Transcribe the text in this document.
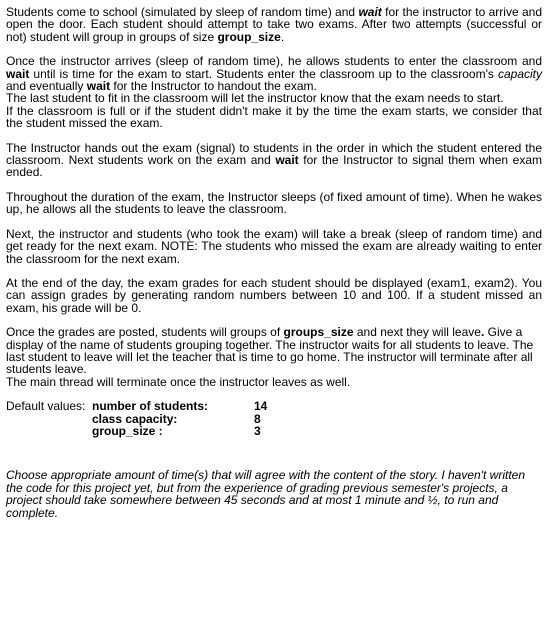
Students come to school (simulated by sleep of random time) and wait for the instructor to arrive and open the door. Each student should attempt to take two exams. After two attempts (successful or not) student will group in groups of size group_size.

Once the instructor arrives (sleep of random time), he allows students to enter the classroom and wait until is time for the exam to start. Students enter the classroom up to the classroom's capacity and eventually wait for the Instructor to handout the exam.

The last student to fit in the classroom will let the instructor know that the exam needs to start.

If the classroom is full or if the student didn't make it by the time the exam starts, we consider that the student missed the exam.

The Instructor hands out the exam (signal) to students in the order in which the student entered the classroom. Next students work on the exam and wait for the Instructor to signal them when exam ended.

Throughout the duration of the exam, the Instructor sleeps (of fixed amount of time). When he wakes up, he allows all the students to leave the classroom.

Next, the instructor and students (who took the exam) will take a break (sleep of random time) and get ready for the next exam. NOTE: The students who missed the exam are already waiting to enter the classroom for the next exam.

At the end of the day, the exam grades for each student should be displayed (exam1, exam2). You can assign grades by generating random numbers between 10 and 100. If a student missed an exam, his grade will be 0.

Once the grades are posted, students will groups of groups_size and next they will leave. Give a display of the name of students grouping together. The instructor waits for all students to leave. The last student to leave will let the teacher that is time to go home. The instructor will terminate after all students leave.

The main thread will terminate once the instructor leaves as well.

Default values: number of students:	14
class capacity:	8
group_size :	3

Choose appropriate amount of time(s) that will agree with the content of the story. I haven't written the code for this project yet, but from the experience of grading previous semester's projects, a project should take somewhere between 45 seconds and at most 1 minute and ½, to run and complete.
